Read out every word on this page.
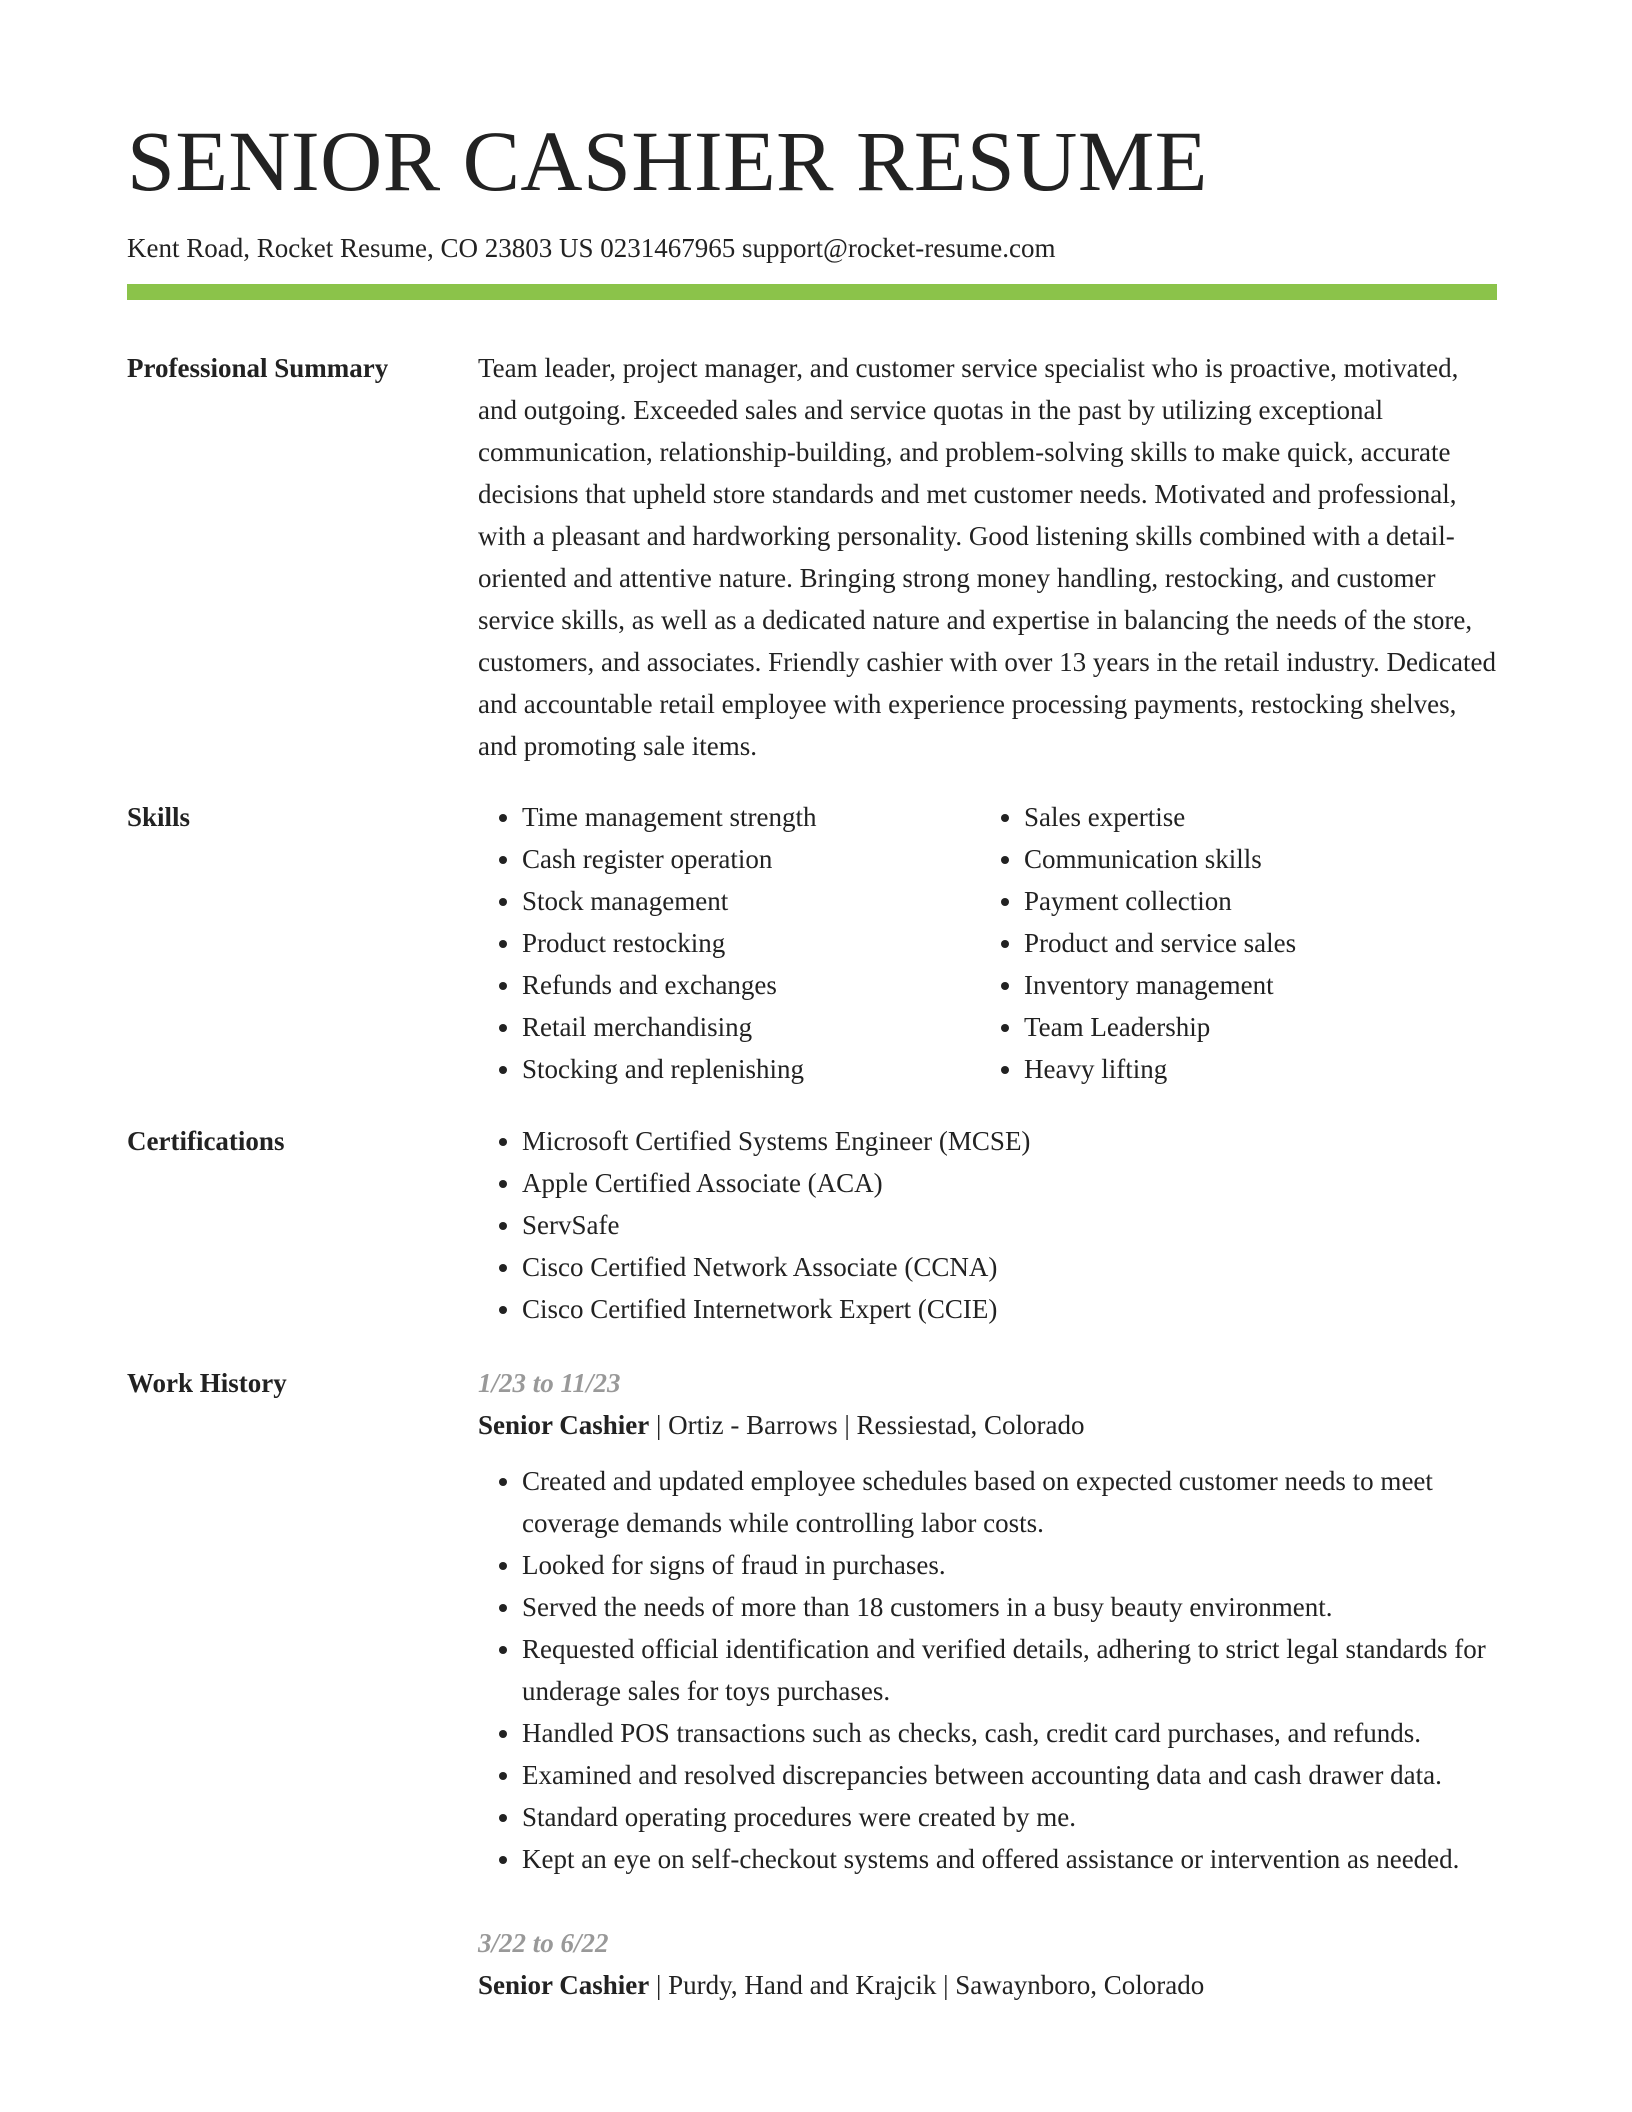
SENIOR CASHIER RESUME

Kent Road, Rocket Resume, CO 23803 US 0231467965 support@rocket-resume.com

Professional Summary	Team leader, project manager, and customer service specialist who is proactive, motivated, and outgoing. Exceeded sales and service quotas in the past by utilizing exceptional communication, relationship-building, and problem-solving skills to make quick, accurate decisions that upheld store standards and met customer needs. Motivated and professional, with a pleasant and hardworking personality. Good listening skills combined with a detail-oriented and attentive nature. Bringing strong money handling, restocking, and customer service skills, as well as a dedicated nature and expertise in balancing the needs of the store, customers, and associates. Friendly cashier with over 13 years in the retail industry. Dedicated and accountable retail employee with experience processing payments, restocking shelves, and promoting sale items.

Skills	• Time management strength
• Cash register operation
• Stock management
• Product restocking
• Refunds and exchanges
• Retail merchandising
• Stocking and replenishing
• Sales expertise
• Communication skills
• Payment collection
• Product and service sales
• Inventory management
• Team Leadership
• Heavy lifting
Certifications	• Microsoft Certified Systems Engineer (MCSE)
• Apple Certified Associate (ACA)
• ServSafe
• Cisco Certified Network Associate (CCNA)
• Cisco Certified Internetwork Expert (CCIE)
Work History	1/23 to 11/23

Senior Cashier | Ortiz - Barrows | Ressiestad, Colorado

• Created and updated employee schedules based on expected customer needs to meet coverage demands while controlling labor costs.
• Looked for signs of fraud in purchases.
• Served the needs of more than 18 customers in a busy beauty environment.
• Requested official identification and verified details, adhering to strict legal standards for underage sales for toys purchases.
• Handled POS transactions such as checks, cash, credit card purchases, and refunds.
• Examined and resolved discrepancies between accounting data and cash drawer data.
• Standard operating procedures were created by me.
• Kept an eye on self-checkout systems and offered assistance or intervention as needed.

3/22 to 6/22

Senior Cashier | Purdy, Hand and Krajcik | Sawaynboro, Colorado
